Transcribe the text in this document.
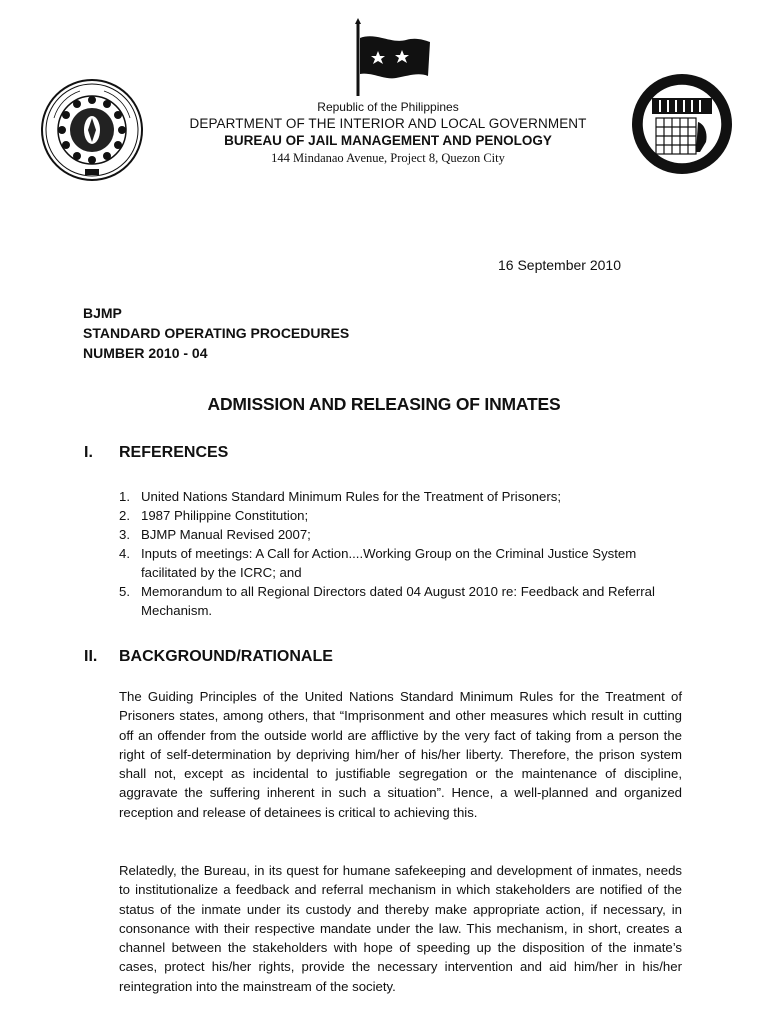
Republic of the Philippines
DEPARTMENT OF THE INTERIOR AND LOCAL GOVERNMENT
BUREAU OF JAIL MANAGEMENT AND PENOLOGY
144 Mindanao Avenue, Project 8, Quezon City
16 September 2010
BJMP
STANDARD OPERATING PROCEDURES
NUMBER 2010 - 04
ADMISSION AND RELEASING OF INMATES
I. REFERENCES
1. United Nations Standard Minimum Rules for the Treatment of Prisoners;
2. 1987 Philippine Constitution;
3. BJMP Manual Revised 2007;
4. Inputs of meetings: A Call for Action....Working Group on the Criminal Justice System facilitated by the ICRC; and
5. Memorandum to all Regional Directors dated 04 August 2010 re: Feedback and Referral Mechanism.
II. BACKGROUND/RATIONALE

The Guiding Principles of the United Nations Standard Minimum Rules for the Treatment of Prisoners states, among others, that “Imprisonment and other measures which result in cutting off an offender from the outside world are afflictive by the very fact of taking from a person the right of self-determination by depriving him/her of his/her liberty. Therefore, the prison system shall not, except as incidental to justifiable segregation or the maintenance of discipline, aggravate the suffering inherent in such a situation”. Hence, a well-planned and organized reception and release of detainees is critical to achieving this.

Relatedly, the Bureau, in its quest for humane safekeeping and development of inmates, needs to institutionalize a feedback and referral mechanism in which stakeholders are notified of the status of the inmate under its custody and thereby make appropriate action, if necessary, in consonance with their respective mandate under the law. This mechanism, in short, creates a channel between the stakeholders with hope of speeding up the disposition of the inmate’s cases, protect his/her rights, provide the necessary intervention and aid him/her in his/her reintegration into the mainstream of the society.
